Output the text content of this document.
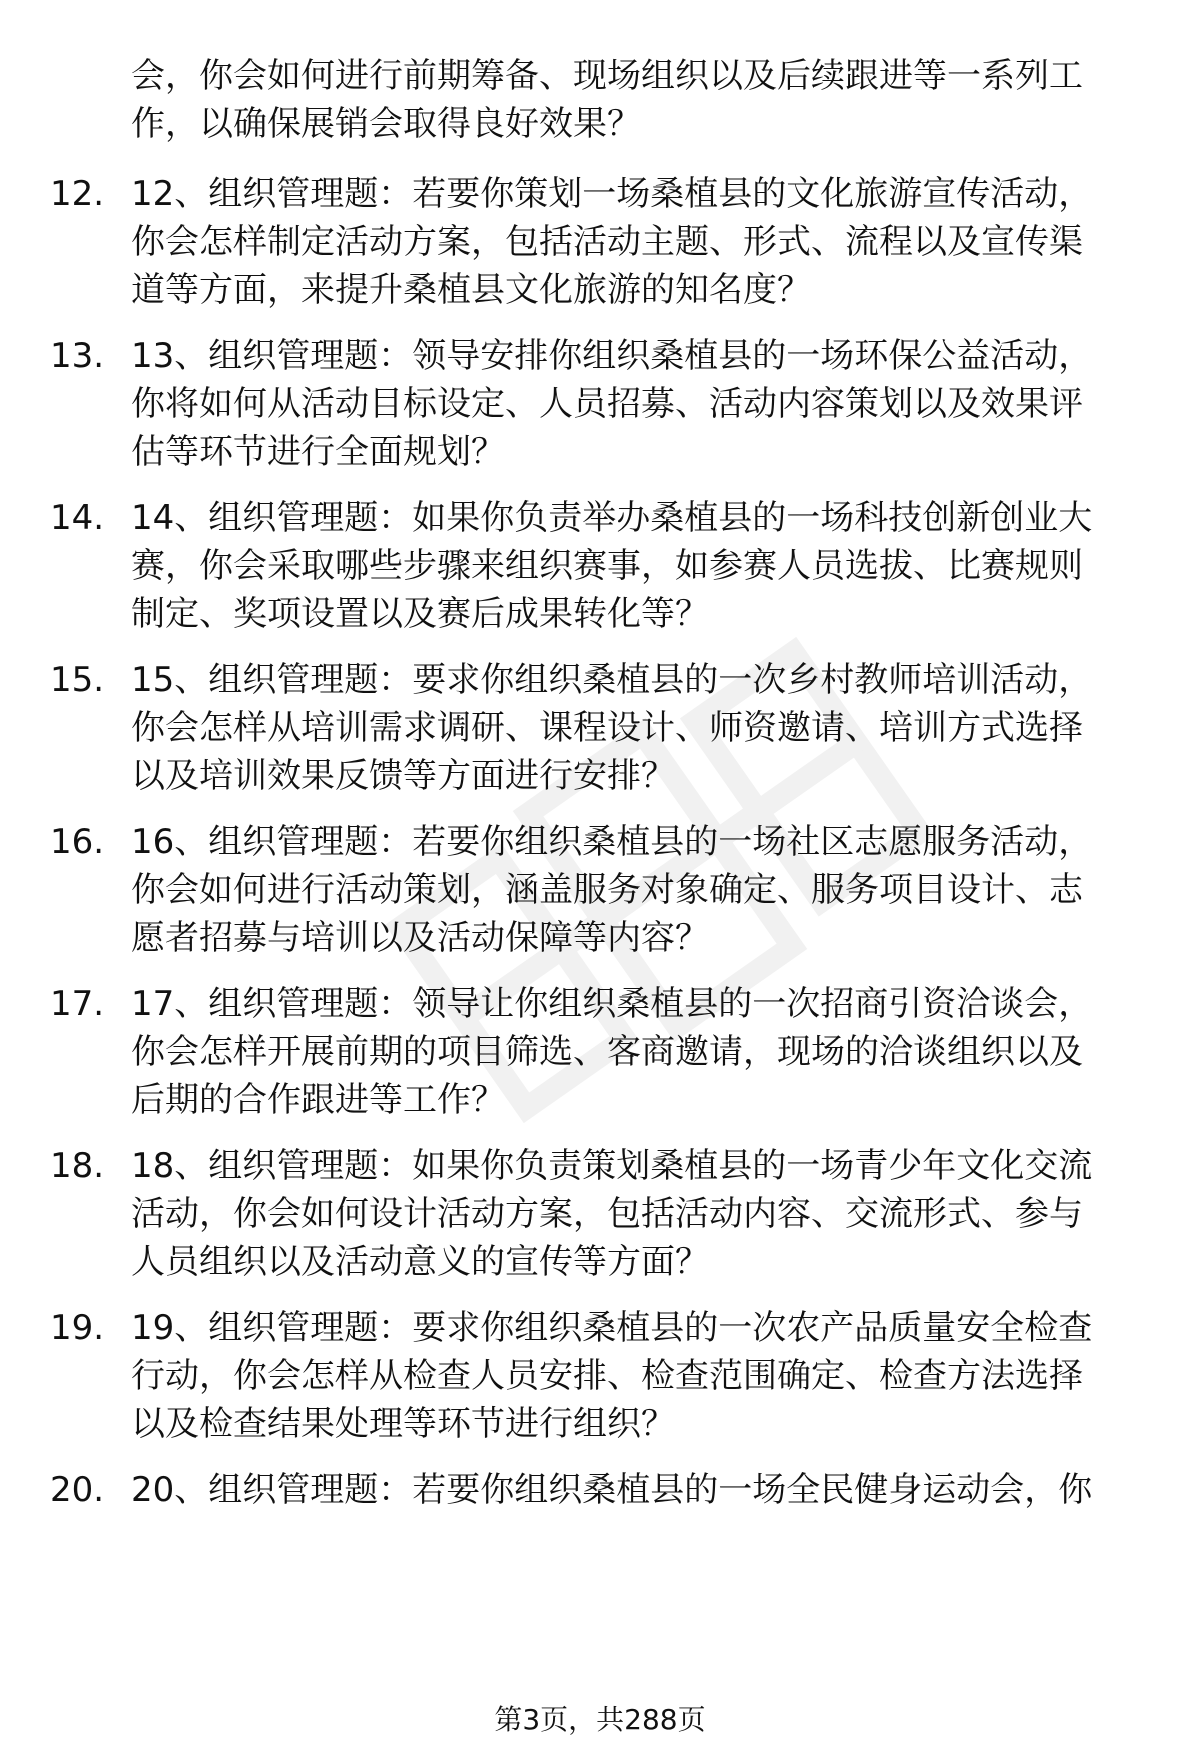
会，你会如何进行前期筹备、现场组织以及后续跟进等一系列工
作，以确保展销会取得良好效果？
12. 12、组织管理题：若要你策划一场桑植县的文化旅游宣传活动，
你会怎样制定活动方案，包括活动主题、形式、流程以及宣传渠
道等方面，来提升桑植县文化旅游的知名度？
13. 13、组织管理题：领导安排你组织桑植县的一场环保公益活动，
你将如何从活动目标设定、人员招募、活动内容策划以及效果评
估等环节进行全面规划？
14. 14、组织管理题：如果你负责举办桑植县的一场科技创新创业大
赛，你会采取哪些步骤来组织赛事，如参赛人员选拔、比赛规则
制定、奖项设置以及赛后成果转化等？
15. 15、组织管理题：要求你组织桑植县的一次乡村教师培训活动，
你会怎样从培训需求调研、课程设计、师资邀请、培训方式选择
以及培训效果反馈等方面进行安排？
16. 16、组织管理题：若要你组织桑植县的一场社区志愿服务活动，
你会如何进行活动策划，涵盖服务对象确定、服务项目设计、志
愿者招募与培训以及活动保障等内容？
17. 17、组织管理题：领导让你组织桑植县的一次招商引资洽谈会，
你会怎样开展前期的项目筛选、客商邀请，现场的洽谈组织以及
后期的合作跟进等工作？
18. 18、组织管理题：如果你负责策划桑植县的一场青少年文化交流
活动，你会如何设计活动方案，包括活动内容、交流形式、参与
人员组织以及活动意义的宣传等方面？
19. 19、组织管理题：要求你组织桑植县的一次农产品质量安全检查
行动，你会怎样从检查人员安排、检查范围确定、检查方法选择
以及检查结果处理等环节进行组织？
20. 20、组织管理题：若要你组织桑植县的一场全民健身运动会，你
第3页，共288页
